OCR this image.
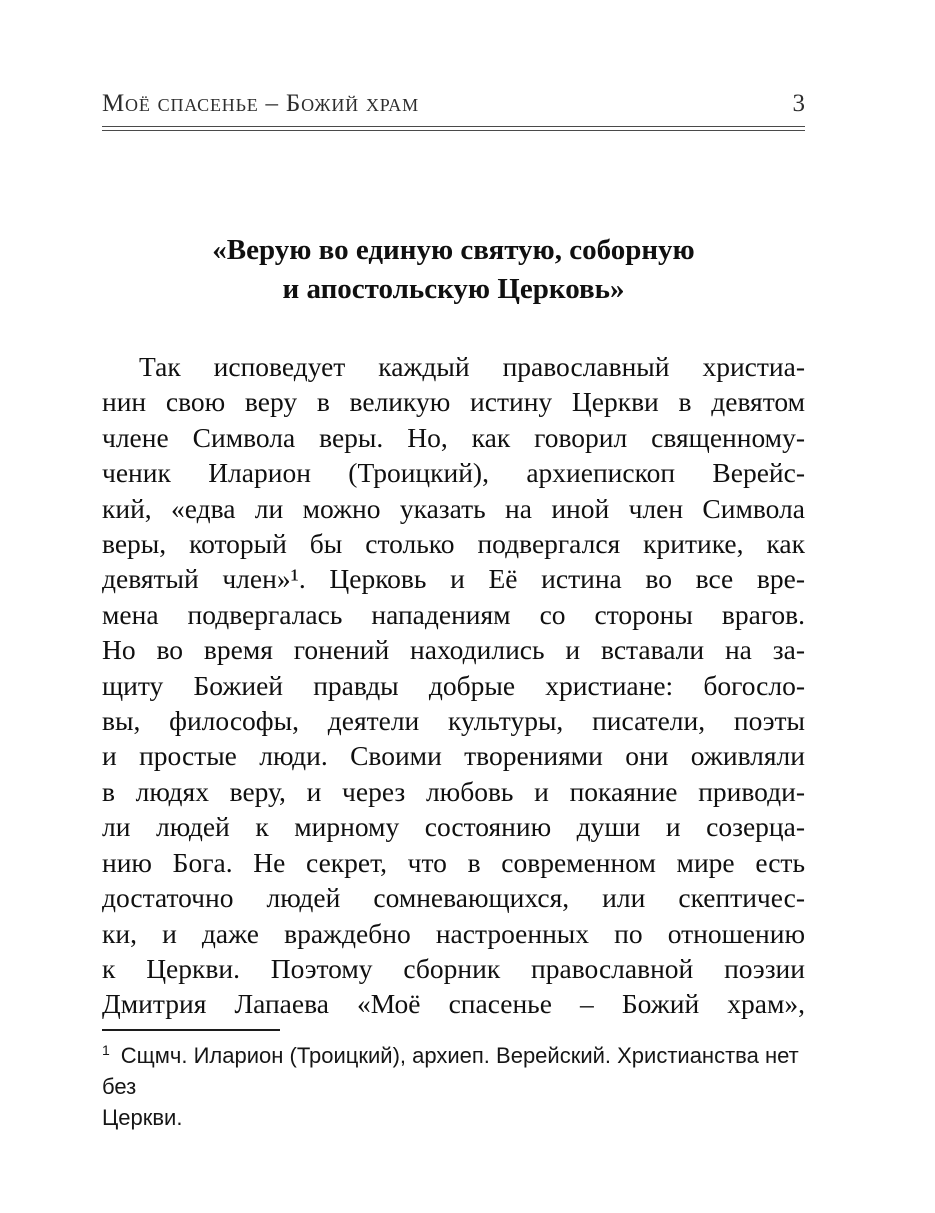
Моё спасенье – Божий храм	3
«Верую во единую святую, соборную
и апостольскую Церковь»
Так исповедует каждый православный христиа-
нин свою веру в великую истину Церкви в девятом
члене Символа веры. Но, как говорил священному-
ченик Иларион (Троицкий), архиепископ Верейс-
кий, «едва ли можно указать на иной член Символа
веры, который бы столько подвергался критике, как
девятый член»¹. Церковь и Её истина во все вре-
мена подвергалась нападениям со стороны врагов.
Но во время гонений находились и вставали на за-
щиту Божией правды добрые христиане: богосло-
вы, философы, деятели культуры, писатели, поэты
и простые люди. Своими творениями они оживляли
в людях веру, и через любовь и покаяние приводи-
ли людей к мирному состоянию души и созерца-
нию Бога. Не секрет, что в современном мире есть
достаточно людей сомневающихся, или скептичес-
ки, и даже враждебно настроенных по отношению
к Церкви. Поэтому сборник православной поэзии
Дмитрия Лапаева «Моё спасенье – Божий храм»,
$^1$ Сщмч. Иларион (Троицкий), архиеп. Верейский. Христианства нет без
Церкви.
